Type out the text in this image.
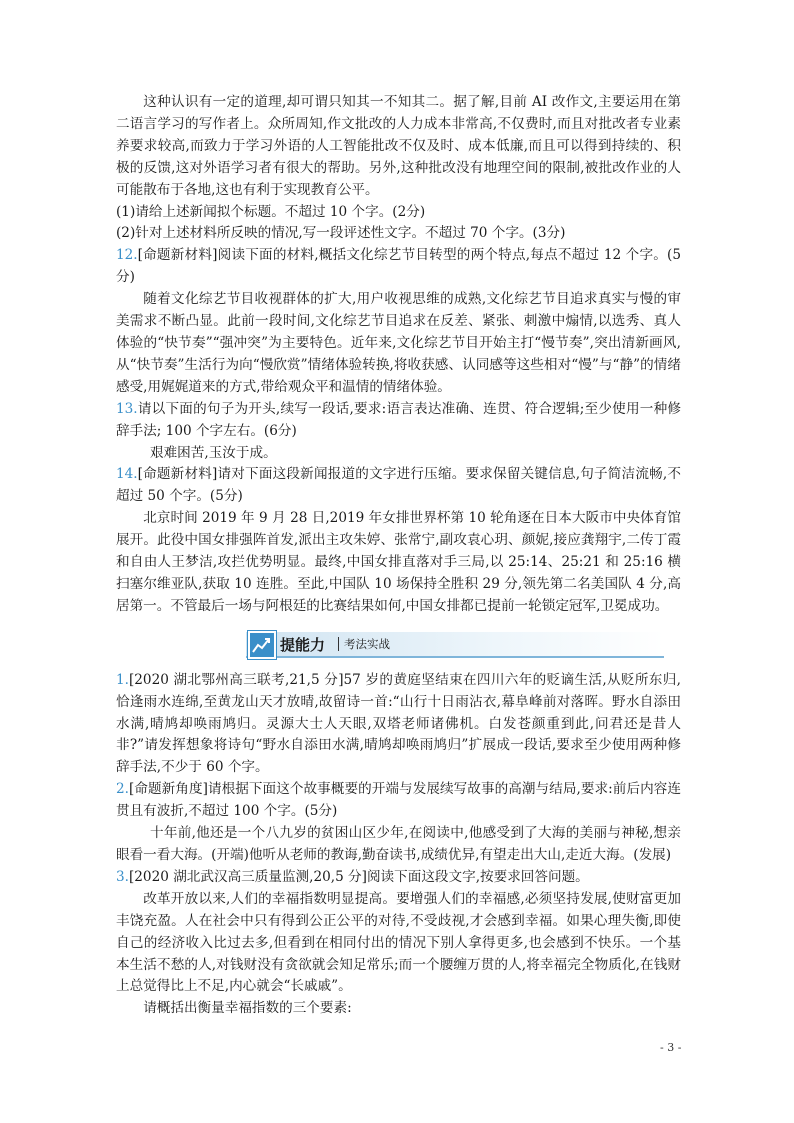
这种认识有一定的道理,却可谓只知其一不知其二。据了解,目前 AI 改作文,主要运用在第二语言学习的写作者上。众所周知,作文批改的人力成本非常高,不仅费时,而且对批改者专业素养要求较高,而致力于学习外语的人工智能批改不仅及时、成本低廉,而且可以得到持续的、积极的反馈,这对外语学习者有很大的帮助。另外,这种批改没有地理空间的限制,被批改作业的人可能散布于各地,这也有利于实现教育公平。

(1)请给上述新闻拟个标题。不超过 10 个字。(2分)

(2)针对上述材料所反映的情况,写一段评述性文字。不超过 70 个字。(3分)

12.[命题新材料]阅读下面的材料,概括文化综艺节目转型的两个特点,每点不超过 12 个字。(5分)

随着文化综艺节目收视群体的扩大,用户收视思维的成熟,文化综艺节目追求真实与慢的审美需求不断凸显。此前一段时间,文化综艺节目追求在反差、紧张、刺激中煽情,以选秀、真人体验的“快节奏”“强冲突”为主要特色。近年来,文化综艺节目开始主打“慢节奏”,突出清新画风,从“快节奏”生活行为向“慢欣赏”情绪体验转换,将收获感、认同感等这些相对“慢”与“静”的情绪感受,用娓娓道来的方式,带给观众平和温情的情绪体验。

13.请以下面的句子为开头,续写一段话,要求:语言表达准确、连贯、符合逻辑;至少使用一种修辞手法; 100 个字左右。(6分)

艰难困苦,玉汝于成。

14.[命题新材料]请对下面这段新闻报道的文字进行压缩。要求保留关键信息,句子简洁流畅,不超过 50 个字。(5分)

北京时间 2019 年 9 月 28 日,2019 年女排世界杯第 10 轮角逐在日本大阪市中央体育馆展开。此役中国女排强阵首发,派出主攻朱婷、张常宁,副攻袁心玥、颜妮,接应龚翔宇,二传丁霞和自由人王梦洁,攻拦优势明显。最终,中国女排直落对手三局,以 25:14、25:21 和 25:16 横扫塞尔维亚队,获取 10 连胜。至此,中国队 10 场保持全胜积 29 分,领先第二名美国队 4 分,高居第一。不管最后一场与阿根廷的比赛结果如何,中国女排都已提前一轮锁定冠军,卫冕成功。

提能力 考法实战

1.[2020 湖北鄂州高三联考,21,5 分]57 岁的黄庭坚结束在四川六年的贬谪生活,从贬所东归,恰逢雨水连绵,至黄龙山天才放晴,故留诗一首:“山行十日雨沾衣,幕阜峰前对落晖。野水自添田水满,晴鸠却唤雨鸠归。灵源大士人天眼,双塔老师诸佛机。白发苍颜重到此,问君还是昔人非?”请发挥想象将诗句“野水自添田水满,晴鸠却唤雨鸠归”扩展成一段话,要求至少使用两种修辞手法,不少于 60 个字。

2.[命题新角度]请根据下面这个故事概要的开端与发展续写故事的高潮与结局,要求:前后内容连贯且有波折,不超过 100 个字。(5分)

十年前,他还是一个八九岁的贫困山区少年,在阅读中,他感受到了大海的美丽与神秘,想亲眼看一看大海。(开端)他听从老师的教诲,勤奋读书,成绩优异,有望走出大山,走近大海。(发展)

3.[2020 湖北武汉高三质量监测,20,5 分]阅读下面这段文字,按要求回答问题。

改革开放以来,人们的幸福指数明显提高。要增强人们的幸福感,必须坚持发展,使财富更加丰饶充盈。人在社会中只有得到公正公平的对待,不受歧视,才会感到幸福。如果心理失衡,即使自己的经济收入比过去多,但看到在相同付出的情况下别人拿得更多,也会感到不快乐。一个基本生活不愁的人,对钱财没有贪欲就会知足常乐;而一个腰缠万贯的人,将幸福完全物质化,在钱财上总觉得比上不足,内心就会“长戚戚”。

请概括出衡量幸福指数的三个要素:

- 3 -
